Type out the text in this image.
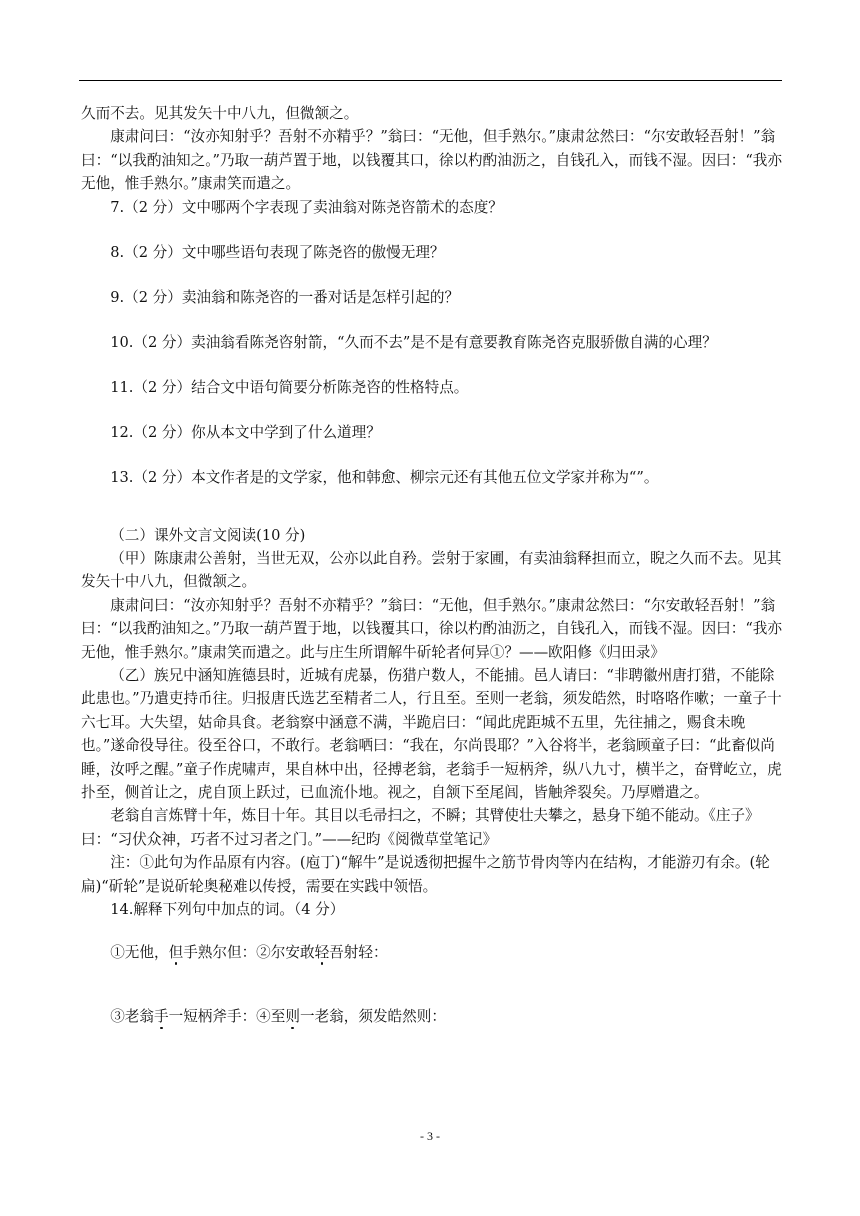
久而不去。见其发矢十中八九，但微颔之。

康肃问曰：“汝亦知射乎？吾射不亦精乎？”翁曰：“无他，但手熟尔。”康肃忿然曰：“尔安敢轻吾射！”翁曰：“以我酌油知之。”乃取一葫芦置于地，以钱覆其口，徐以杓酌油沥之，自钱孔入，而钱不湿。因曰：“我亦无他，惟手熟尔。”康肃笑而遣之。

7.（2 分）文中哪两个字表现了卖油翁对陈尧咨箭术的态度？

8.（2 分）文中哪些语句表现了陈尧咨的傲慢无理？

9.（2 分）卖油翁和陈尧咨的一番对话是怎样引起的？

10.（2 分）卖油翁看陈尧咨射箭，“久而不去”是不是有意要教育陈尧咨克服骄傲自满的心理？

11.（2 分）结合文中语句简要分析陈尧咨的性格特点。

12.（2 分）你从本文中学到了什么道理？

13.（2 分）本文作者是的文学家，他和韩愈、柳宗元还有其他五位文学家并称为“”。

（二）课外文言文阅读(10 分)

（甲）陈康肃公善射，当世无双，公亦以此自矜。尝射于家圃，有卖油翁释担而立，睨之久而不去。见其发矢十中八九，但微颔之。

康肃问曰：“汝亦知射乎？吾射不亦精乎？”翁曰：“无他，但手熟尔。”康肃忿然曰：“尔安敢轻吾射！”翁曰：“以我酌油知之。”乃取一葫芦置于地，以钱覆其口，徐以杓酌油沥之，自钱孔入，而钱不湿。因曰：“我亦无他，惟手熟尔。”康肃笑而遣之。此与庄生所谓解牛斫轮者何异①？——欧阳修《归田录》

（乙）族兄中涵知旌德县时，近城有虎暴，伤猎户数人，不能捕。邑人请曰：“非聘徽州唐打猎，不能除此患也。”乃遣吏持币往。归报唐氏选艺至精者二人，行且至。至则一老翁，须发皓然，时咯咯作嗽；一童子十六七耳。大失望，姑命具食。老翁察中涵意不满，半跪启曰：“闻此虎距城不五里，先往捕之，赐食未晚也。”遂命役导往。役至谷口，不敢行。老翁哂曰：“我在，尔尚畏耶？”入谷将半，老翁顾童子曰：“此畜似尚睡，汝呼之醒。”童子作虎啸声，果自林中出，径搏老翁，老翁手一短柄斧，纵八九寸，横半之，奋臂屹立，虎扑至，侧首让之，虎自顶上跃过，已血流仆地。视之，自颔下至尾闾，皆触斧裂矣。乃厚赠遣之。

老翁自言炼臂十年，炼目十年。其目以毛帚扫之，不瞬；其臂使壮夫攀之，悬身下缒不能动。《庄子》曰：“习伏众神，巧者不过习者之门。”——纪昀《阅微草堂笔记》

注：①此句为作品原有内容。(庖丁)“解牛”是说透彻把握牛之筋节骨肉等内在结构，才能游刃有余。(轮扁)“斫轮”是说斫轮奥秘难以传授，需要在实践中领悟。

14.解释下列句中加点的词。（4 分）

①无他，但手熟尔但：②尔安敢轻吾射轻：

③老翁手一短柄斧手：④至则一老翁，须发皓然则：

- 3 -
